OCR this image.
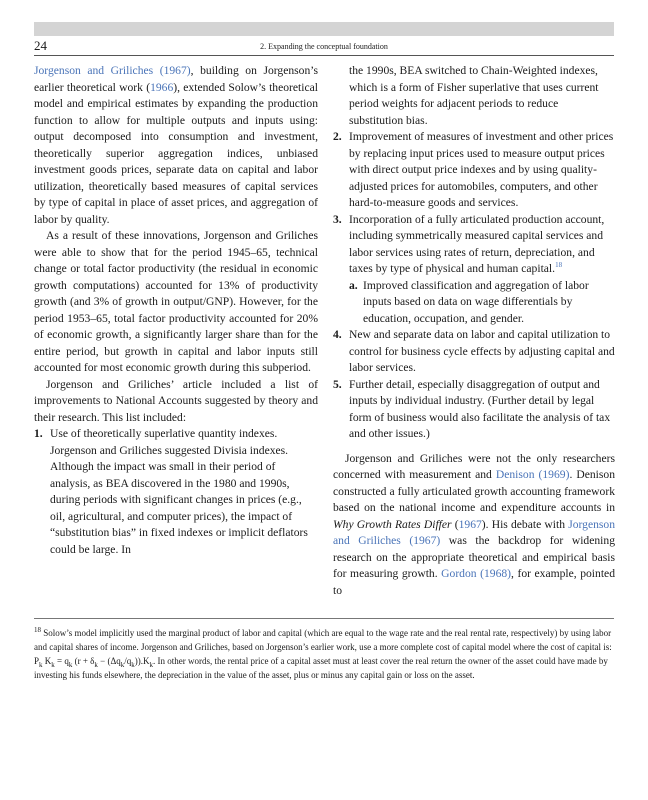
24	2. Expanding the conceptual foundation

Jorgenson and Griliches (1967), building on Jorgenson’s earlier theoretical work (1966), extended Solow’s theoretical model and empirical estimates by expanding the production function to allow for multiple outputs and inputs using: output decomposed into consumption and investment, theoretically superior aggregation indices, unbiased investment goods prices, separate data on capital and labor utilization, theoretically based measures of capital services by type of capital in place of asset prices, and aggregation of labor by quality.

As a result of these innovations, Jorgenson and Griliches were able to show that for the period 1945–65, technical change or total factor productivity (the residual in economic growth computations) accounted for 13% of productivity growth (and 3% of growth in output/GNP). However, for the period 1953–65, total factor productivity accounted for 20% of economic growth, a significantly larger share than for the entire period, but growth in capital and labor inputs still accounted for most economic growth during this subperiod.

Jorgenson and Griliches’ article included a list of improvements to National Accounts suggested by theory and their research. This list included:

1. Use of theoretically superlative quantity indexes. Jorgenson and Griliches suggested Divisia indexes. Although the impact was small in their period of analysis, as BEA discovered in the 1980 and 1990s, during periods with significant changes in prices (e.g., oil, agricultural, and computer prices), the impact of “substitution bias” in fixed indexes or implicit deflators could be large. In
the 1990s, BEA switched to Chain-Weighted indexes, which is a form of Fisher superlative that uses current period weights for adjacent periods to reduce substitution bias.
2. Improvement of measures of investment and other prices by replacing input prices used to measure output prices with direct output price indexes and by using quality-adjusted prices for automobiles, computers, and other hard-to-measure goods and services.
3. Incorporation of a fully articulated production account, including symmetrically measured capital services and labor services using rates of return, depreciation, and taxes by type of physical and human capital.$^{18}$
a. Improved classification and aggregation of labor inputs based on data on wage differentials by education, occupation, and gender.
4. New and separate data on labor and capital utilization to control for business cycle effects by adjusting capital and labor services.
5. Further detail, especially disaggregation of output and inputs by individual industry. (Further detail by legal form of business would also facilitate the analysis of tax and other issues.)

Jorgenson and Griliches were not the only researchers concerned with measurement and Denison (1969). Denison constructed a fully articulated growth accounting framework based on the national income and expenditure accounts in Why Growth Rates Differ (1967). His debate with Jorgenson and Griliches (1967) was the backdrop for widening research on the appropriate theoretical and empirical basis for measuring growth. Gordon (1968), for example, pointed to

$^{18}$ Solow’s model implicitly used the marginal product of labor and capital (which are equal to the wage rate and the real rental rate, respectively) by using labor and capital shares of income. Jorgenson and Griliches, based on Jorgenson’s earlier work, use a more complete cost of capital model where the cost of capital is: $P_k$ $K_k = q_k$ $(r + \delta_k - (\Delta q_k/q_k)).K_k$. In other words, the rental price of a capital asset must at least cover the real return the owner of the asset could have made by investing his funds elsewhere, the depreciation in the value of the asset, plus or minus any capital gain or loss on the asset.
